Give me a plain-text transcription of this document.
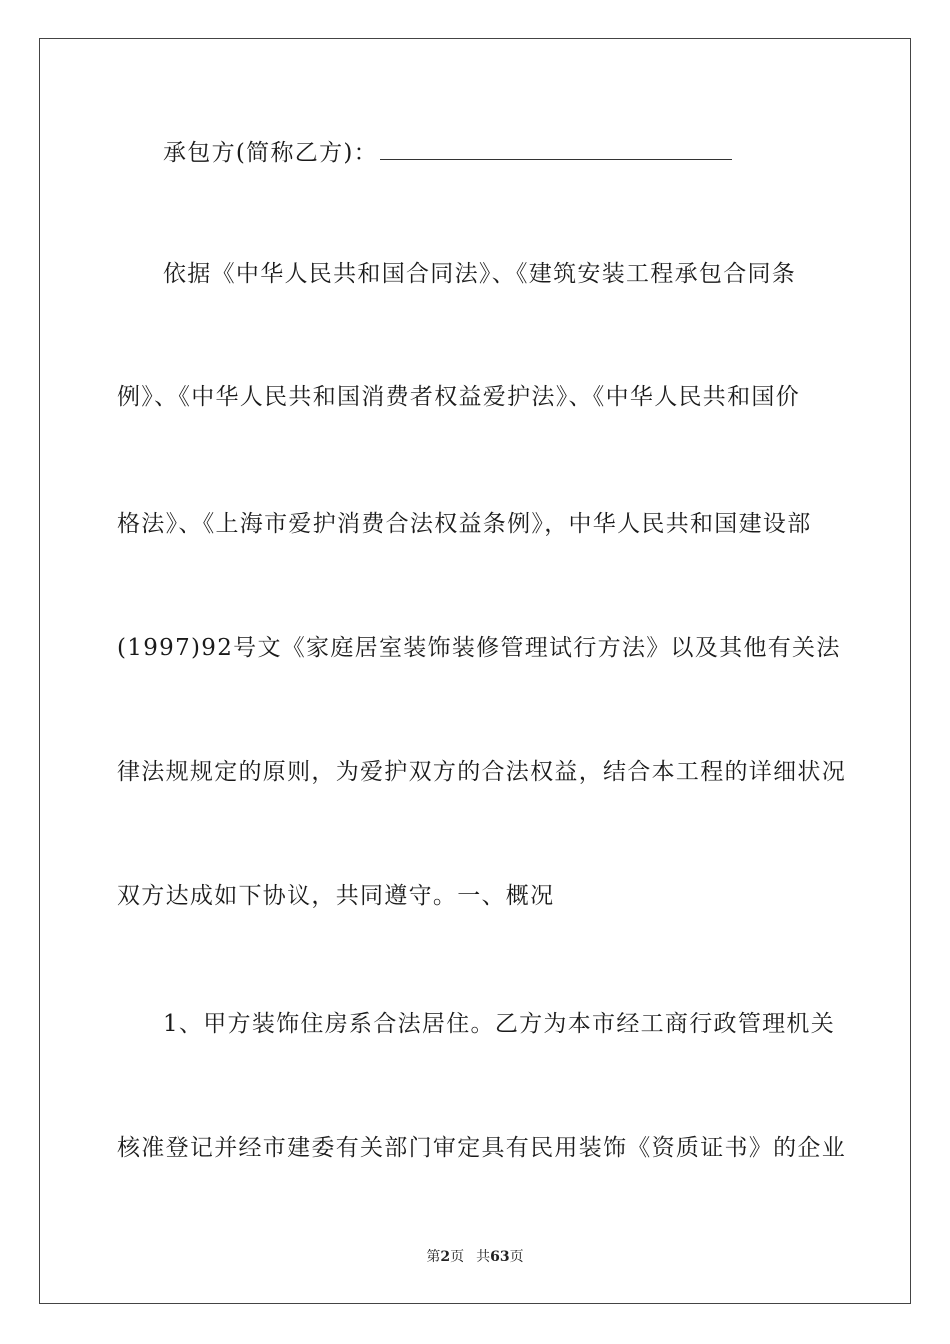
承包方(简称乙方)：
依据《中华人民共和国合同法》、《建筑安装工程承包合同条
例》、《中华人民共和国消费者权益爱护法》、《中华人民共和国价
格法》、《上海市爱护消费合法权益条例》，中华人民共和国建设部
(1997)92号文《家庭居室装饰装修管理试行方法》以及其他有关法
律法规规定的原则，为爱护双方的合法权益，结合本工程的详细状况
双方达成如下协议，共同遵守。一、概况
1、甲方装饰住房系合法居住。乙方为本市经工商行政管理机关
核准登记并经市建委有关部门审定具有民用装饰《资质证书》的企业
第2页 共63页
